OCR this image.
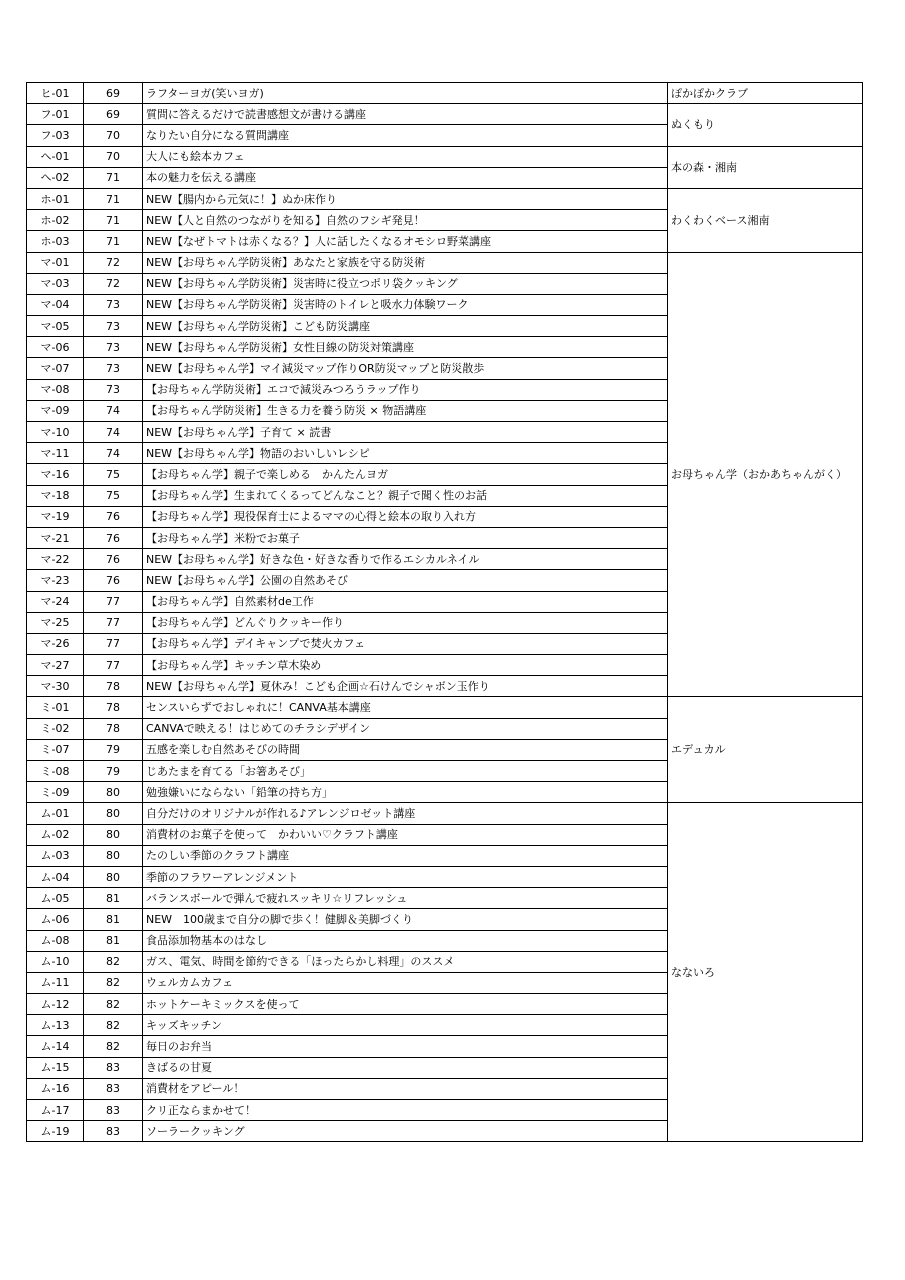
ヒ-01	69	ラフターヨガ(笑いヨガ)	ぽかぽかクラブ
フ-01	69	質問に答えるだけで読書感想文が書ける講座	ぬくもり
フ-03	70	なりたい自分になる質問講座	
ヘ-01	70	大人にも絵本カフェ	本の森・湘南
ヘ-02	71	本の魅力を伝える講座	
ホ-01	71	NEW【腸内から元気に！】ぬか床作り	わくわくベース湘南
ホ-02	71	NEW【人と自然のつながりを知る】自然のフシギ発見！	
ホ-03	71	NEW【なぜトマトは赤くなる？】人に話したくなるオモシロ野菜講座	
マ-01	72	NEW【お母ちゃん学防災術】あなたと家族を守る防災術	お母ちゃん学（おかあちゃんがく）
マ-03	72	NEW【お母ちゃん学防災術】災害時に役立つポリ袋クッキング	
マ-04	73	NEW【お母ちゃん学防災術】災害時のトイレと吸水力体験ワーク	
マ-05	73	NEW【お母ちゃん学防災術】こども防災講座	
マ-06	73	NEW【お母ちゃん学防災術】女性目線の防災対策講座	
マ-07	73	NEW【お母ちゃん学】マイ減災マップ作りOR防災マップと防災散歩	
マ-08	73	【お母ちゃん学防災術】エコで減災みつろうラップ作り	
マ-09	74	【お母ちゃん学防災術】生きる力を養う防災 × 物語講座	
マ-10	74	NEW【お母ちゃん学】子育て × 読書	
マ-11	74	NEW【お母ちゃん学】物語のおいしいレシピ	
マ-16	75	【お母ちゃん学】親子で楽しめる　かんたんヨガ	
マ-18	75	【お母ちゃん学】生まれてくるってどんなこと？親子で聞く性のお話	
マ-19	76	【お母ちゃん学】現役保育士によるママの心得と絵本の取り入れ方	
マ-21	76	【お母ちゃん学】米粉でお菓子	
マ-22	76	NEW【お母ちゃん学】好きな色・好きな香りで作るエシカルネイル	
マ-23	76	NEW【お母ちゃん学】公園の自然あそび	
マ-24	77	【お母ちゃん学】自然素材de工作	
マ-25	77	【お母ちゃん学】どんぐりクッキー作り	
マ-26	77	【お母ちゃん学】デイキャンプで焚火カフェ	
マ-27	77	【お母ちゃん学】キッチン草木染め	
マ-30	78	NEW【お母ちゃん学】夏休み！こども企画☆石けんでシャボン玉作り	
ミ-01	78	センスいらずでおしゃれに！CANVA基本講座	エデュカル
ミ-02	78	CANVAで映える！はじめてのチラシデザイン	
ミ-07	79	五感を楽しむ自然あそびの時間	
ミ-08	79	じあたまを育てる「お箸あそび」	
ミ-09	80	勉強嫌いにならない「鉛筆の持ち方」	
ム-01	80	自分だけのオリジナルが作れる♪アレンジロゼット講座	なないろ
ム-02	80	消費材のお菓子を使って　かわいい♡クラフト講座	
ム-03	80	たのしい季節のクラフト講座	
ム-04	80	季節のフラワーアレンジメント	
ム-05	81	バランスボールで弾んで疲れスッキリ☆リフレッシュ	
ム-06	81	NEW　100歳まで自分の脚で歩く！健脚＆美脚づくり	
ム-08	81	食品添加物基本のはなし	
ム-10	82	ガス、電気、時間を節約できる「ほったらかし料理」のススメ	
ム-11	82	ウェルカムカフェ	
ム-12	82	ホットケーキミックスを使って	
ム-13	82	キッズキッチン	
ム-14	82	毎日のお弁当	
ム-15	83	きばるの甘夏	
ム-16	83	消費材をアピール！	
ム-17	83	クリ正ならまかせて！	
ム-19	83	ソーラークッキング	
